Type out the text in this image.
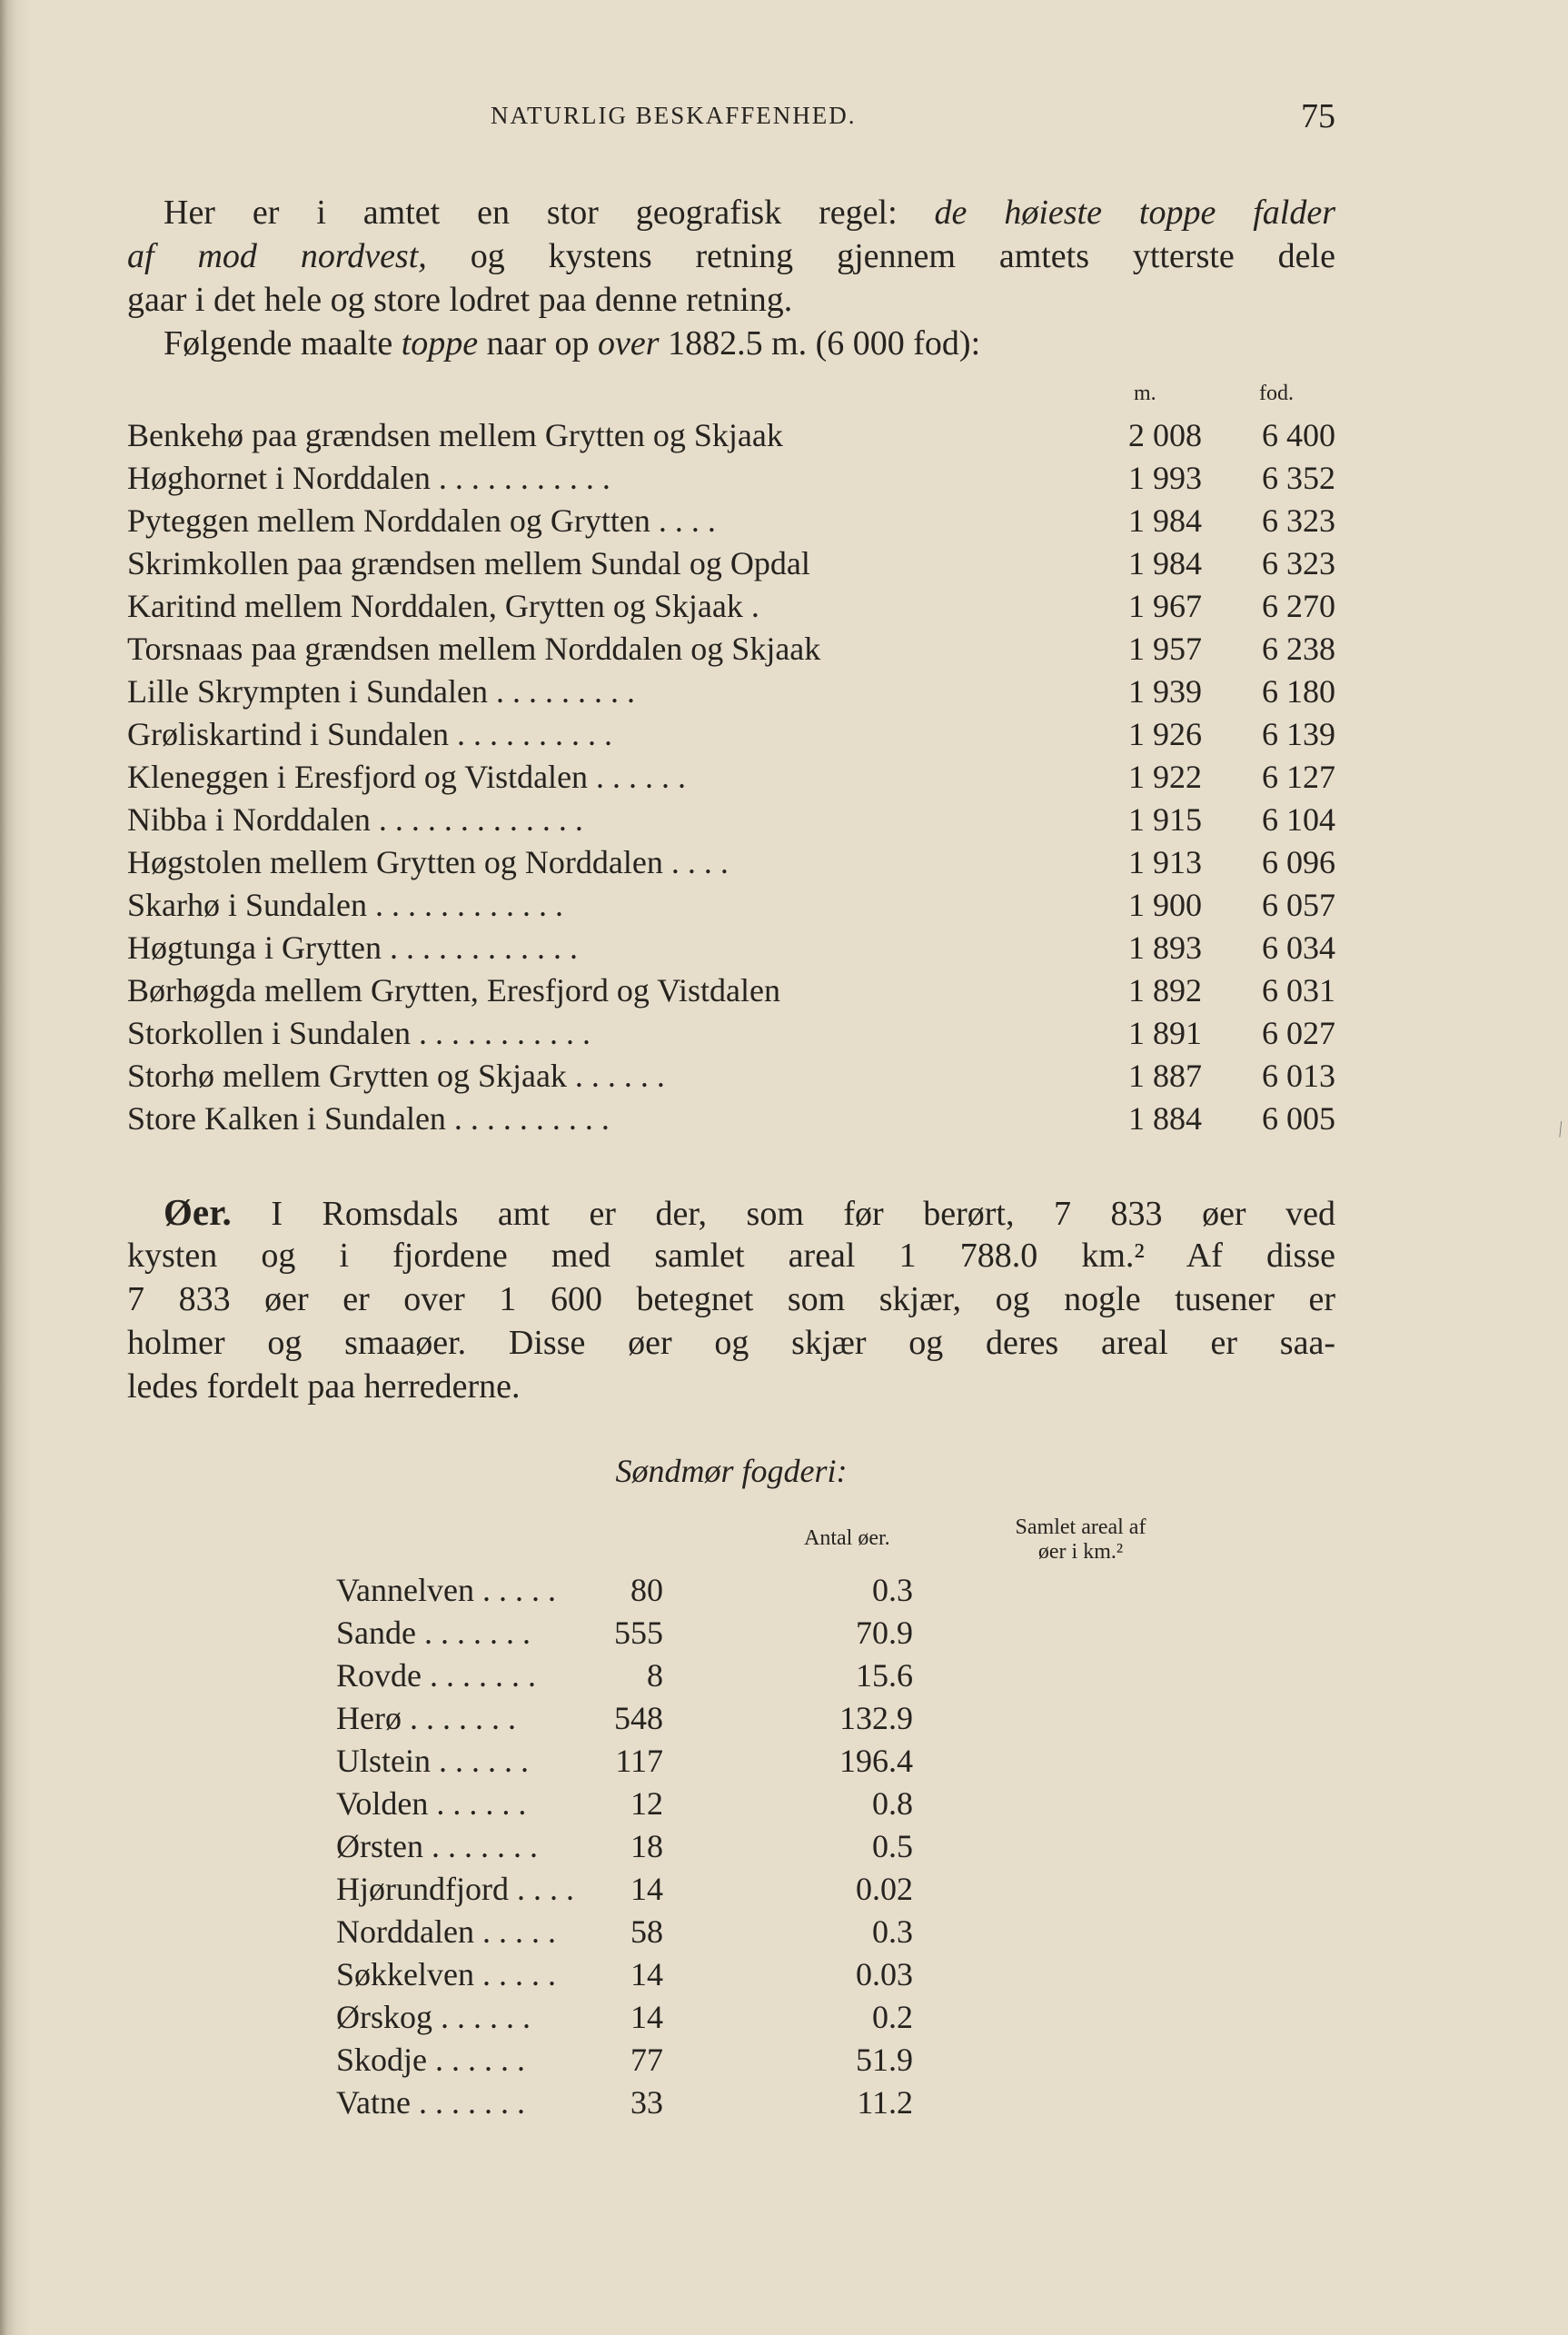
NATURLIG BESKAFFENHED.	75
Her er i amtet en stor geografisk regel: de høieste toppe falder
af mod nordvest, og kystens retning gjennem amtets ytterste dele
gaar i det hele og store lodret paa denne retning.
Følgende maalte toppe naar op over 1882.5 m. (6 000 fod):
m.	fod.
Benkehø paa grændsen mellem Grytten og Skjaak	2 008 6 400
Høghornet i Norddalen . . . . . . . . . . .	1 993 6 352
Pyteggen mellem Norddalen og Grytten . . . .	1 984 6 323
Skrimkollen paa grændsen mellem Sundal og Opdal	1 984 6 323
Karitind mellem Norddalen, Grytten og Skjaak .	1 967 6 270
Torsnaas paa grændsen mellem Norddalen og Skjaak	1 957 6 238
Lille Skrympten i Sundalen . . . . . . . . .	1 939 6 180
Grøliskartind i Sundalen . . . . . . . . . .	1 926 6 139
Kleneggen i Eresfjord og Vistdalen . . . . . .	1 922 6 127
Nibba i Norddalen . . . . . . . . . . . . .	1 915 6 104
Høgstolen mellem Grytten og Norddalen . . . .	1 913 6 096
Skarhø i Sundalen . . . . . . . . . . . .	1 900 6 057
Høgtunga i Grytten . . . . . . . . . . . .	1 893 6 034
Børhøgda mellem Grytten, Eresfjord og Vistdalen	1 892 6 031
Storkollen i Sundalen . . . . . . . . . . .	1 891 6 027
Storhø mellem Grytten og Skjaak . . . . . .	1 887 6 013
Store Kalken i Sundalen . . . . . . . . . .	1 884 6 005
Øer. I Romsdals amt er der, som før berørt, 7 833 øer ved
kysten og i fjordene med samlet areal 1 788.0 km.² Af disse
7 833 øer er over 1 600 betegnet som skjær, og nogle tusener er
holmer og smaaøer. Disse øer og skjær og deres areal er saa-
ledes fordelt paa herrederne.
Søndmør fogderi:
Antal øer.	Samlet areal af
øer i km.²
Vannelven . . . . . 80	0.3
Sande . . . . . . .	555	70.9
Rovde . . . . . . .	8	15.6
Herø . . . . . . .	548	132.9
Ulstein . . . . . .	117	196.4
Volden . . . . . .	12	0.8
Ørsten . . . . . . .	18	0.5
Hjørundfjord . . . . 14	0.02
Norddalen . . . . . 58	0.3
Søkkelven . . . . . 14	0.03
Ørskog . . . . . .	14	0.2
Skodje . . . . . .	77	51.9
Vatne . . . . . . .	33	11.2
⁄
